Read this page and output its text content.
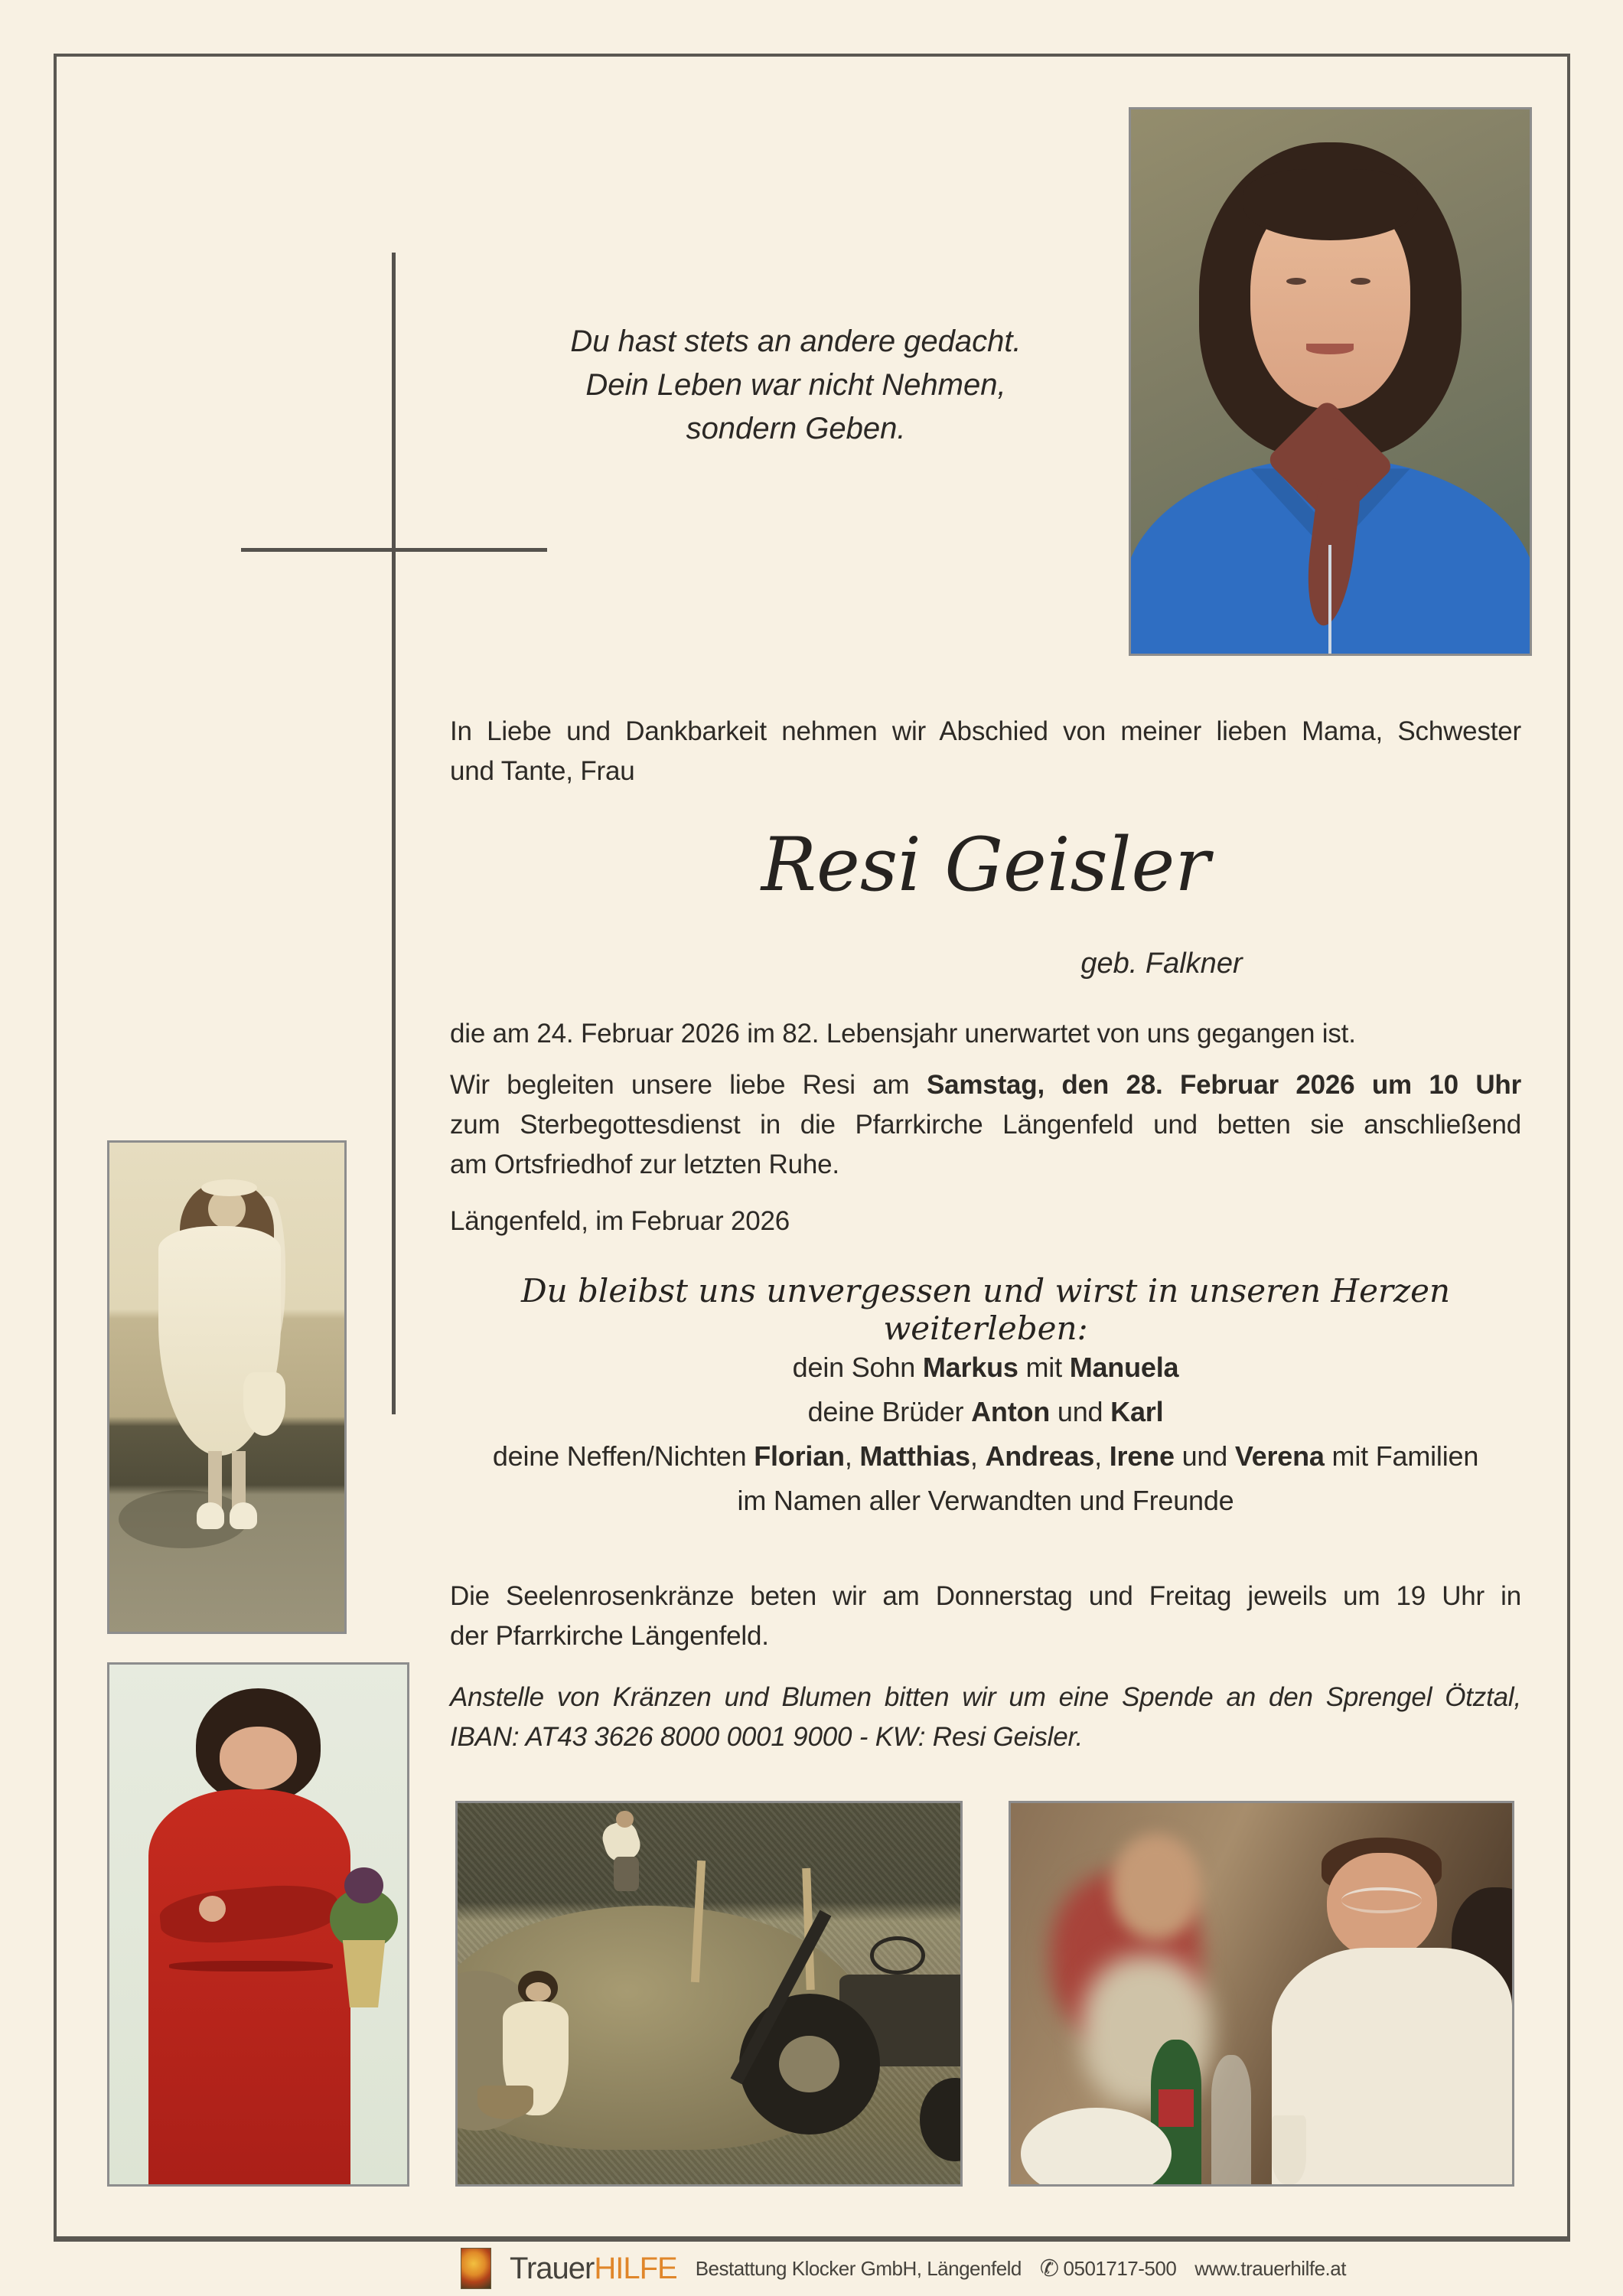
Du hast stets an andere gedacht.
Dein Leben war nicht Nehmen,
sondern Geben.
In Liebe und Dankbarkeit nehmen wir Abschied von meiner lieben Mama, Schwester
und Tante, Frau
Resi Geisler
geb. Falkner
die am 24. Februar 2026 im 82. Lebensjahr unerwartet von uns gegangen ist.
Wir begleiten unsere liebe Resi am Samstag, den 28. Februar 2026 um 10 Uhr
zum Sterbegottesdienst in die Pfarrkirche Längenfeld und betten sie anschließend
am Ortsfriedhof zur letzten Ruhe.
Längenfeld, im Februar 2026
Du bleibst uns unvergessen und wirst in unseren Herzen weiterleben:
dein Sohn Markus mit Manuela
deine Brüder Anton und Karl
deine Neffen/Nichten Florian, Matthias, Andreas, Irene und Verena mit Familien
im Namen aller Verwandten und Freunde
Die Seelenrosenkränze beten wir am Donnerstag und Freitag jeweils um 19 Uhr in
der Pfarrkirche Längenfeld.
Anstelle von Kränzen und Blumen bitten wir um eine Spende an den Sprengel Ötztal,
IBAN: AT43 3626 8000 0001 9000 - KW: Resi Geisler.
TrauerHILFE Bestattung Klocker GmbH, Längenfeld ✆ 0501717-500 www.trauerhilfe.at
